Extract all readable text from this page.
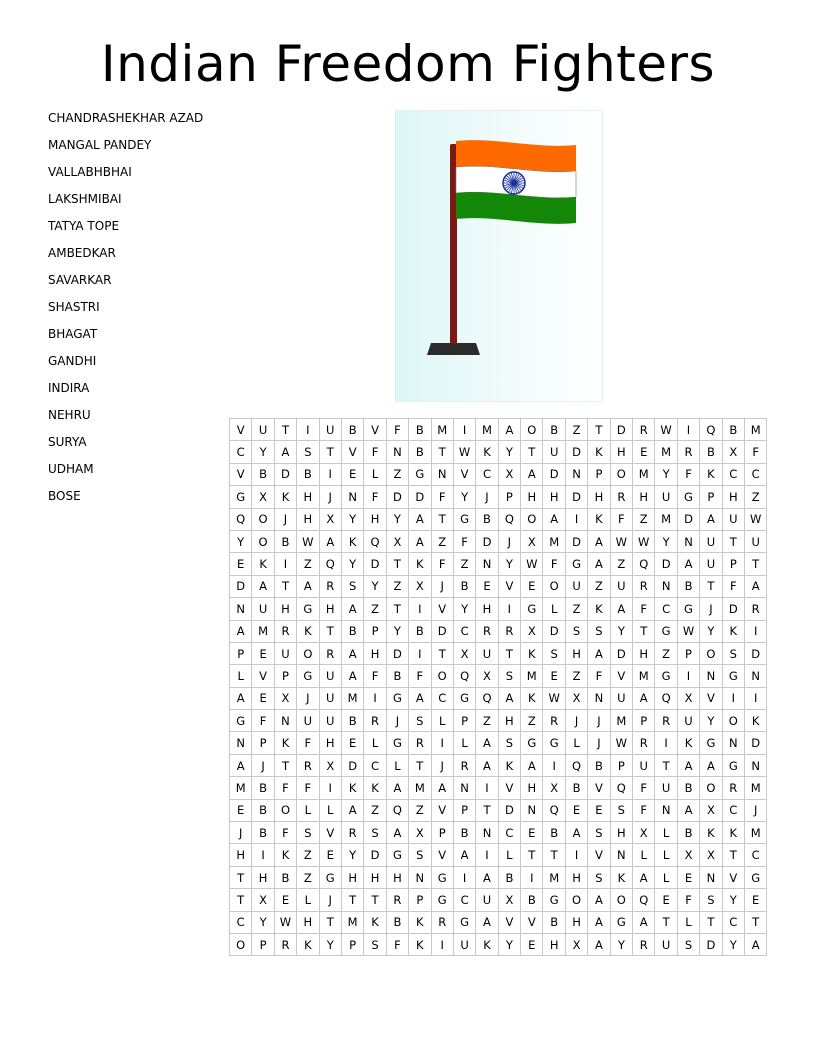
Indian Freedom Fighters
CHANDRASHEKHAR AZAD
MANGAL PANDEY
VALLABHBHAI
LAKSHMIBAI
TATYA TOPE
AMBEDKAR
SAVARKAR
SHASTRI
BHAGAT
GANDHI
INDIRA
NEHRU
SURYA
UDHAM
BOSE
V	U	T	I	U	B	V	F	B	M	I	M	A	O	B	Z	T	D	R	W	I	Q	B	M
C	Y	A	S	T	V	F	N	B	T	W	K	Y	T	U	D	K	H	E	M	R	B	X	F
V	B	D	B	I	E	L	Z	G	N	V	C	X	A	D	N	P	O	M	Y	F	K	C	C
G	X	K	H	J	N	F	D	D	F	Y	J	P	H	H	D	H	R	H	U	G	P	H	Z
Q	O	J	H	X	Y	H	Y	A	T	G	B	Q	O	A	I	K	F	Z	M	D	A	U	W
Y	O	B	W	A	K	Q	X	A	Z	F	D	J	X	M	D	A	W	W	Y	N	U	T	U
E	K	I	Z	Q	Y	D	T	K	F	Z	N	Y	W	F	G	A	Z	Q	D	A	U	P	T
D	A	T	A	R	S	Y	Z	X	J	B	E	V	E	O	U	Z	U	R	N	B	T	F	A
N	U	H	G	H	A	Z	T	I	V	Y	H	I	G	L	Z	K	A	F	C	G	J	D	R
A	M	R	K	T	B	P	Y	B	D	C	R	R	X	D	S	S	Y	T	G	W	Y	K	I
P	E	U	O	R	A	H	D	I	T	X	U	T	K	S	H	A	D	H	Z	P	O	S	D
L	V	P	G	U	A	F	B	F	O	Q	X	S	M	E	Z	F	V	M	G	I	N	G	N
A	E	X	J	U	M	I	G	A	C	G	Q	A	K	W	X	N	U	A	Q	X	V	I	I
G	F	N	U	U	B	R	J	S	L	P	Z	H	Z	R	J	J	M	P	R	U	Y	O	K
N	P	K	F	H	E	L	G	R	I	L	A	S	G	G	L	J	W	R	I	K	G	N	D
A	J	T	R	X	D	C	L	T	J	R	A	K	A	I	Q	B	P	U	T	A	A	G	N
M	B	F	F	I	K	K	A	M	A	N	I	V	H	X	B	V	Q	F	U	B	O	R	M
E	B	O	L	L	A	Z	Q	Z	V	P	T	D	N	Q	E	E	S	F	N	A	X	C	J
J	B	F	S	V	R	S	A	X	P	B	N	C	E	B	A	S	H	X	L	B	K	K	M
H	I	K	Z	E	Y	D	G	S	V	A	I	L	T	T	I	V	N	L	L	X	X	T	C
T	H	B	Z	G	H	H	H	N	G	I	A	B	I	M	H	S	K	A	L	E	N	V	G
T	X	E	L	J	T	T	R	P	G	C	U	X	B	G	O	A	O	Q	E	F	S	Y	E
C	Y	W	H	T	M	K	B	K	R	G	A	V	V	B	H	A	G	A	T	L	T	C	T
O	P	R	K	Y	P	S	F	K	I	U	K	Y	E	H	X	A	Y	R	U	S	D	Y	A
